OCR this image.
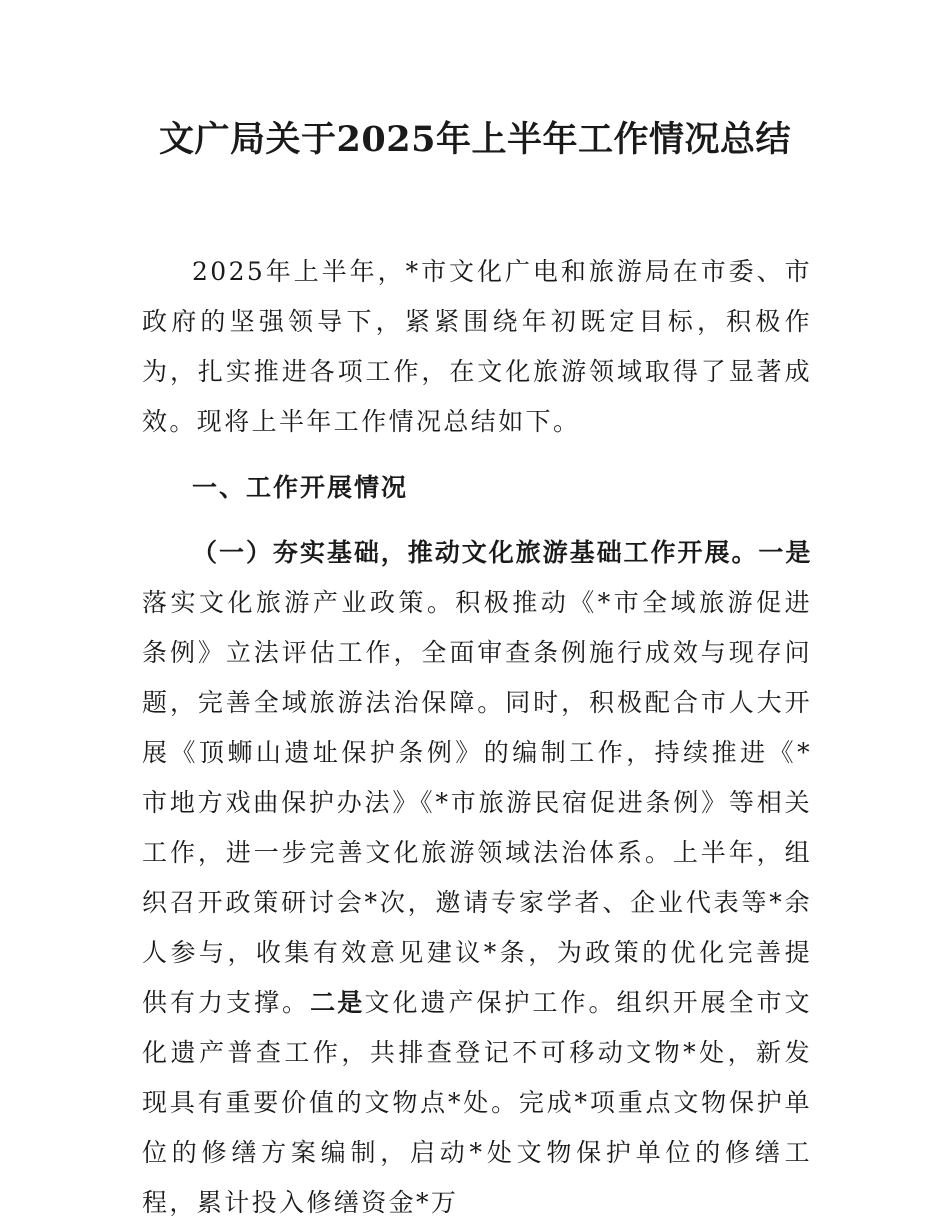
文广局关于2025年上半年工作情况总结

2025年上半年，*市文化广电和旅游局在市委、市政府的坚强领导下，紧紧围绕年初既定目标，积极作为，扎实推进各项工作，在文化旅游领域取得了显著成效。现将上半年工作情况总结如下。

一、工作开展情况

（一）夯实基础，推动文化旅游基础工作开展。一是落实文化旅游产业政策。积极推动《*市全域旅游促进条例》立法评估工作，全面审查条例施行成效与现存问题，完善全域旅游法治保障。同时，积极配合市人大开展《顶蛳山遗址保护条例》的编制工作，持续推进《*市地方戏曲保护办法》《*市旅游民宿促进条例》等相关工作，进一步完善文化旅游领域法治体系。上半年，组织召开政策研讨会*次，邀请专家学者、企业代表等*余人参与，收集有效意见建议*条，为政策的优化完善提供有力支撑。二是文化遗产保护工作。组织开展全市文化遗产普查工作，共排查登记不可移动文物*处，新发现具有重要价值的文物点*处。完成*项重点文物保护单位的修缮方案编制，启动*处文物保护单位的修缮工程，累计投入修缮资金*万
